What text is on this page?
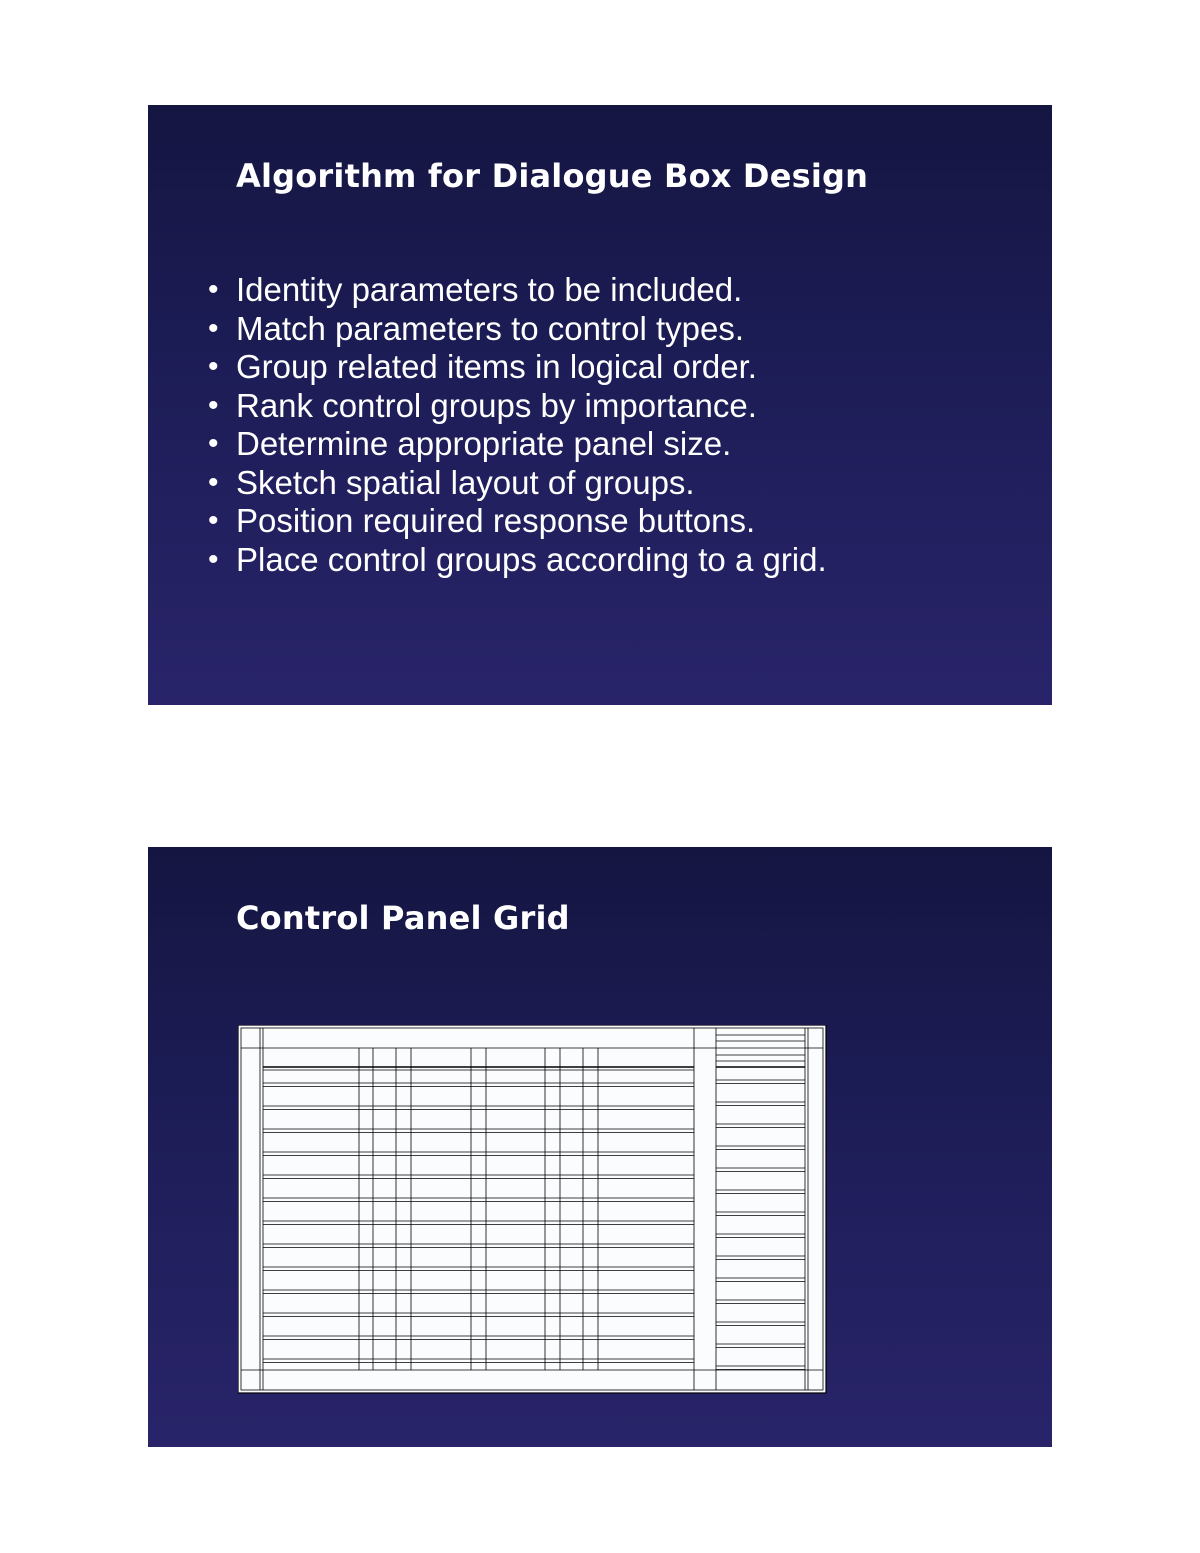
Algorithm for Dialogue Box Design
• Identity parameters to be included.
• Match parameters to control types.
• Group related items in logical order.
• Rank control groups by importance.
• Determine appropriate panel size.
• Sketch spatial layout of groups.
• Position required response buttons.
• Place control groups according to a grid.
Control Panel Grid
